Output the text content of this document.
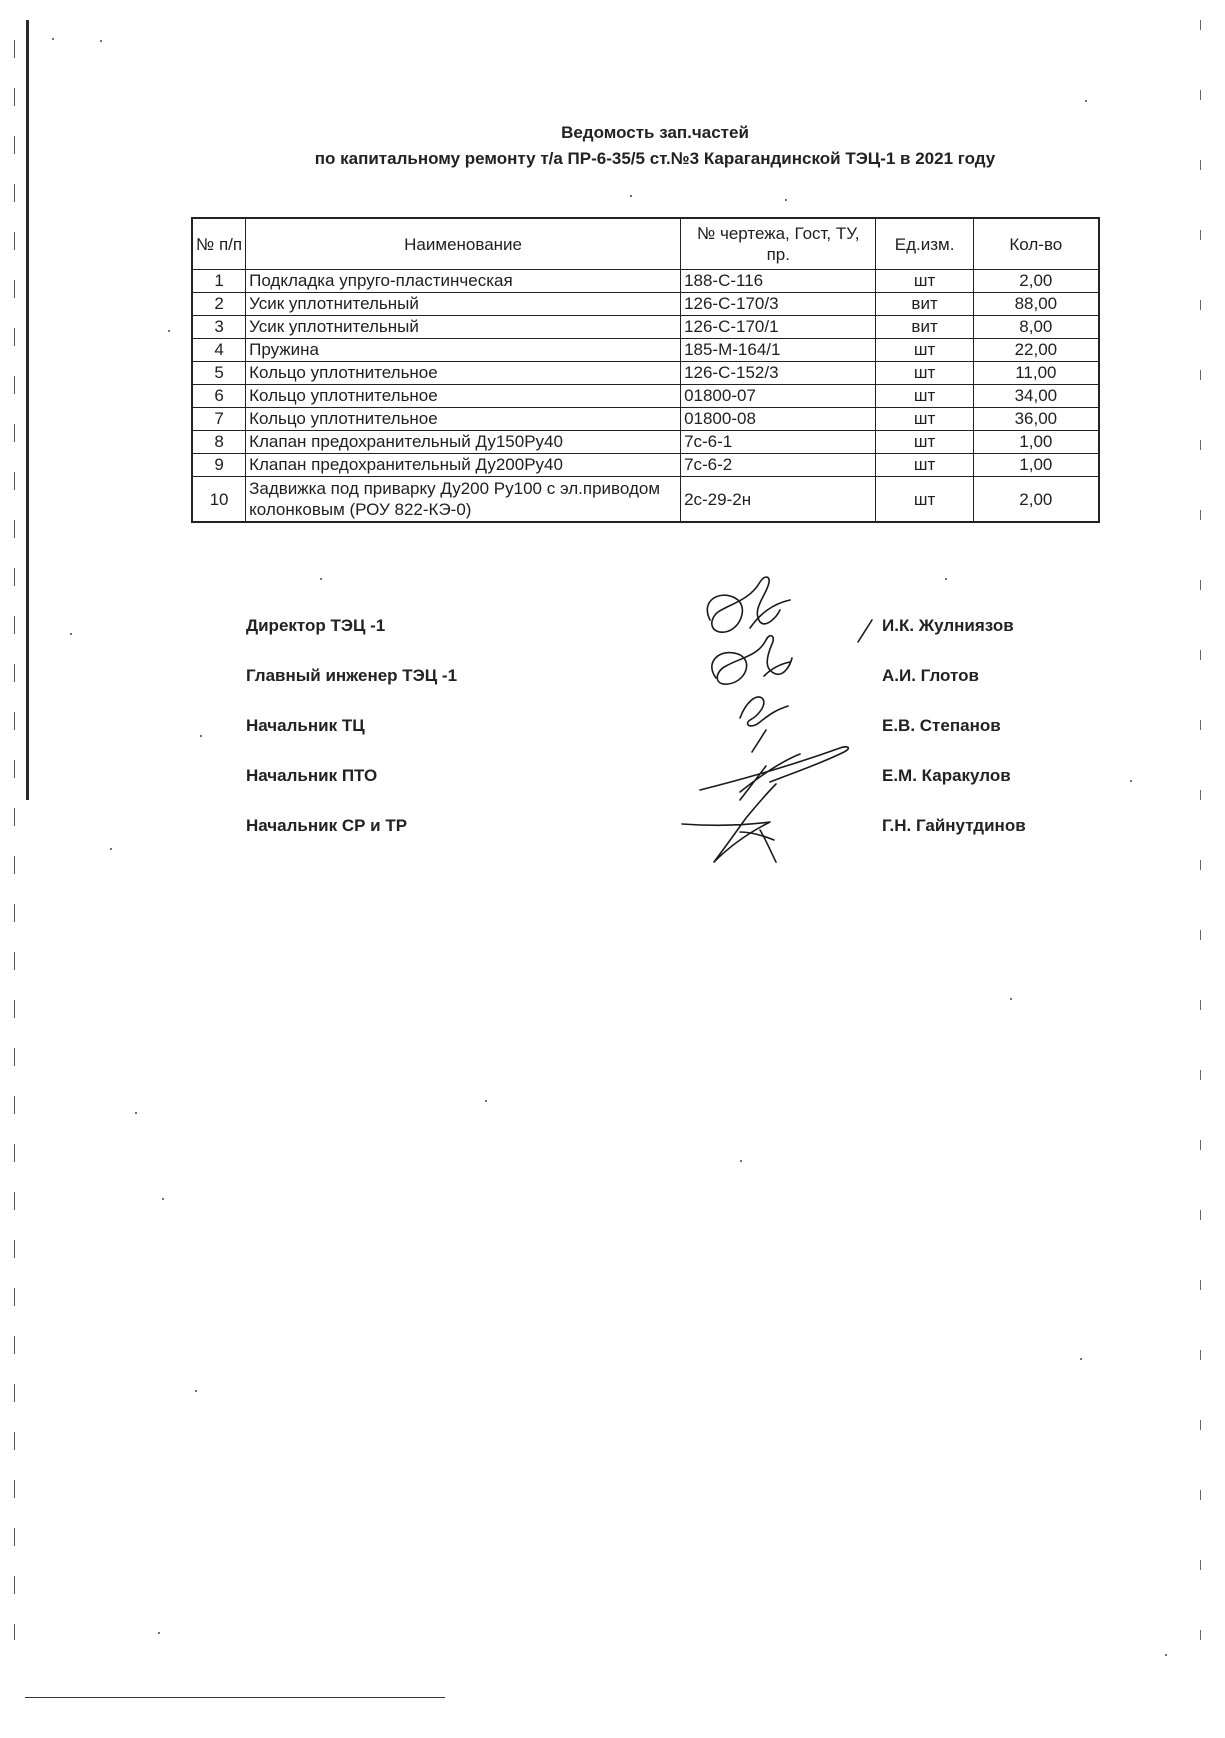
Ведомость зап.частей
по капитальному ремонту т/а ПР-6-35/5 ст.№3 Карагандинской ТЭЦ-1 в 2021 году
№ п/п	Наименование	№ чертежа, Гост, ТУ, пр.	Ед.изм.	Кол-во
1	Подкладка упруго-пластинческая	188-С-116	шт	2,00
2	Усик уплотнительный	126-С-170/3	вит	88,00
3	Усик уплотнительный	126-С-170/1	вит	8,00
4	Пружина	185-М-164/1	шт	22,00
5	Кольцо уплотнительное	126-С-152/3	шт	11,00
6	Кольцо уплотнительное	01800-07	шт	34,00
7	Кольцо уплотнительное	01800-08	шт	36,00
8	Клапан предохранительный Ду150Ру40	7с-6-1	шт	1,00
9	Клапан предохранительный Ду200Ру40	7с-6-2	шт	1,00
10	Задвижка под приварку Ду200 Ру100 с эл.приводом колонковым (РОУ 822-КЭ-0)	2с-29-2н	шт	2,00
Директор ТЭЦ -1	И.К. Жулниязов
Главный инженер ТЭЦ -1	А.И. Глотов
Начальник ТЦ	Е.В. Степанов
Начальник ПТО	Е.М. Каракулов
Начальник СР и ТР	Г.Н. Гайнутдинов
